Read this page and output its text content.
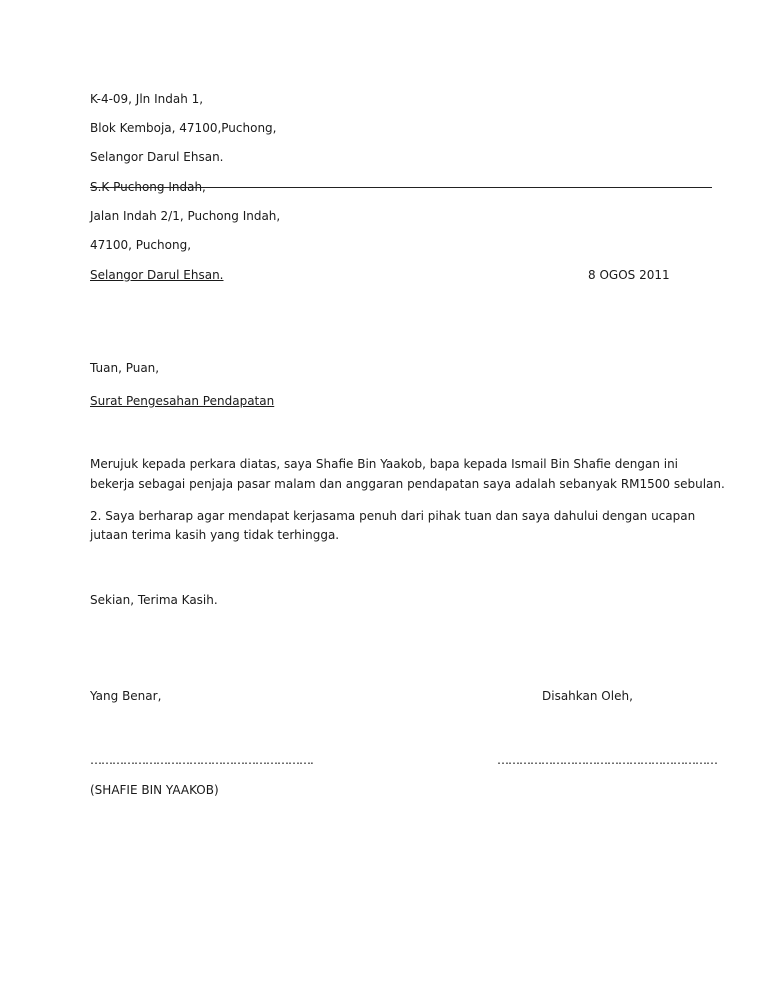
K-4-09, Jln Indah 1,
Blok Kemboja, 47100,Puchong,
Selangor Darul Ehsan.
S.K Puchong Indah,
Jalan Indah 2/1, Puchong Indah,
47100, Puchong,
Selangor Darul Ehsan.	8 OGOS 2011
Tuan, Puan,
Surat Pengesahan Pendapatan
Merujuk kepada perkara diatas, saya Shafie Bin Yaakob, bapa kepada Ismail Bin Shafie dengan ini
bekerja sebagai penjaja pasar malam dan anggaran pendapatan saya adalah sebanyak RM1500 sebulan.
2. Saya berharap agar mendapat kerjasama penuh dari pihak tuan dan saya dahului dengan ucapan
jutaan terima kasih yang tidak terhingga.
Sekian, Terima Kasih.
Yang Benar,	Disahkan Oleh,
…………………………………………………….	……………………………………………………
(SHAFIE BIN YAAKOB)
